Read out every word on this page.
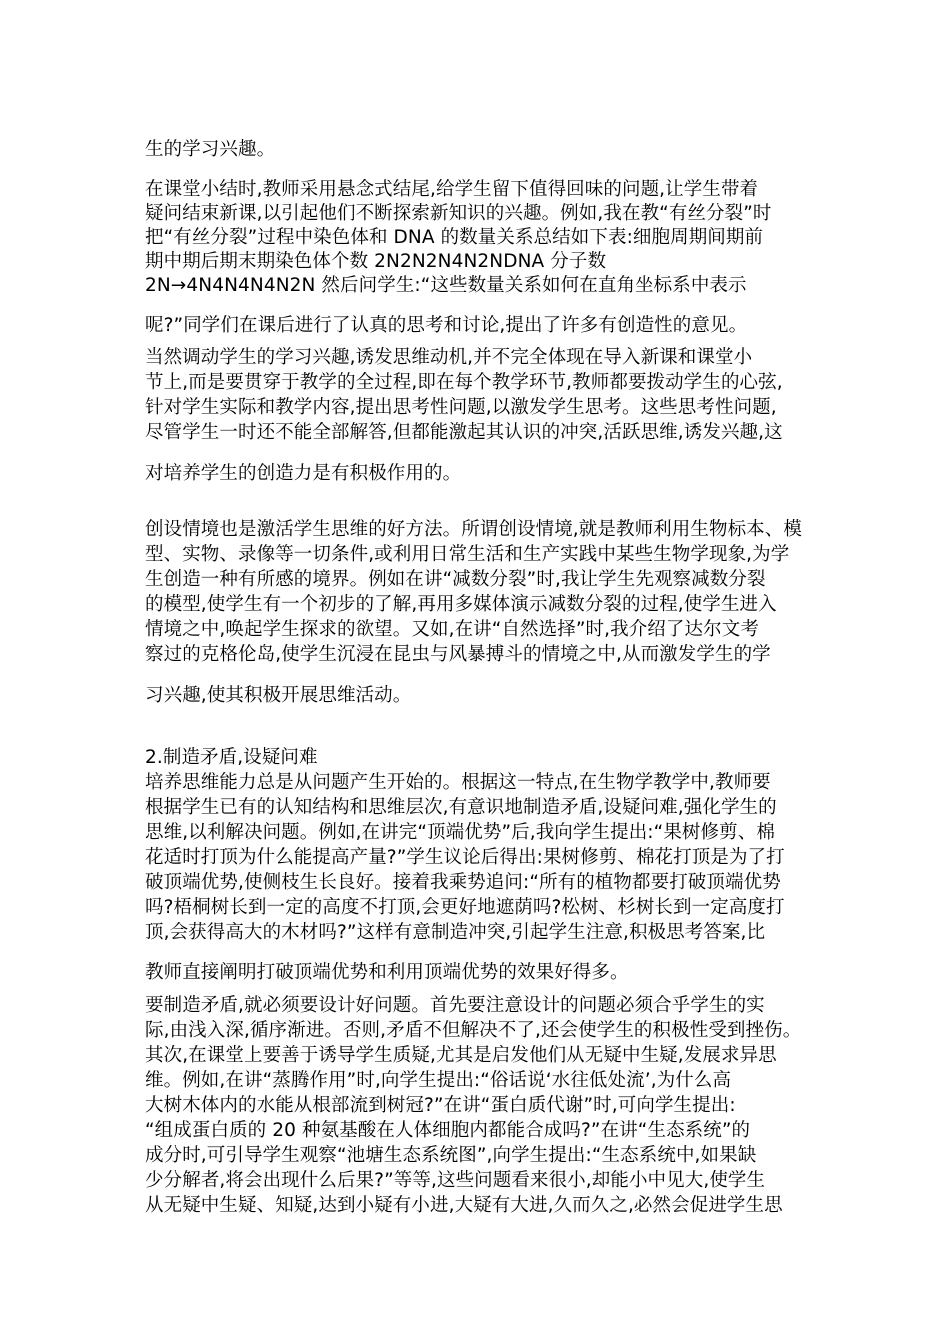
生的学习兴趣。

在课堂小结时,教师采用悬念式结尾,给学生留下值得回味的问题,让学生带着

疑问结束新课,以引起他们不断探索新知识的兴趣。例如,我在教“有丝分裂”时

把“有丝分裂”过程中染色体和 DNA 的数量关系总结如下表:细胞周期间期前

期中期后期末期染色体个数 2N2N2N4N2NDNA 分子数

2N→4N4N4N4N2N 然后问学生:“这些数量关系如何在直角坐标系中表示

呢?”同学们在课后进行了认真的思考和讨论,提出了许多有创造性的意见。

当然调动学生的学习兴趣,诱发思维动机,并不完全体现在导入新课和课堂小

节上,而是要贯穿于教学的全过程,即在每个教学环节,教师都要拨动学生的心弦,

针对学生实际和教学内容,提出思考性问题,以激发学生思考。这些思考性问题,

尽管学生一时还不能全部解答,但都能激起其认识的冲突,活跃思维,诱发兴趣,这

对培养学生的创造力是有积极作用的。

创设情境也是激活学生思维的好方法。所谓创设情境,就是教师利用生物标本、模

型、实物、录像等一切条件,或利用日常生活和生产实践中某些生物学现象,为学

生创造一种有所感的境界。例如在讲“减数分裂”时,我让学生先观察减数分裂

的模型,使学生有一个初步的了解,再用多媒体演示减数分裂的过程,使学生进入

情境之中,唤起学生探求的欲望。又如,在讲“自然选择”时,我介绍了达尔文考

察过的克格伦岛,使学生沉浸在昆虫与风暴搏斗的情境之中,从而激发学生的学

习兴趣,使其积极开展思维活动。

2.制造矛盾,设疑问难

培养思维能力总是从问题产生开始的。根据这一特点,在生物学教学中,教师要

根据学生已有的认知结构和思维层次,有意识地制造矛盾,设疑问难,强化学生的

思维,以利解决问题。例如,在讲完“顶端优势”后,我向学生提出:“果树修剪、棉

花适时打顶为什么能提高产量?”学生议论后得出:果树修剪、棉花打顶是为了打

破顶端优势,使侧枝生长良好。接着我乘势追问:“所有的植物都要打破顶端优势

吗?梧桐树长到一定的高度不打顶,会更好地遮荫吗?松树、杉树长到一定高度打

顶,会获得高大的木材吗?”这样有意制造冲突,引起学生注意,积极思考答案,比

教师直接阐明打破顶端优势和利用顶端优势的效果好得多。

要制造矛盾,就必须要设计好问题。首先要注意设计的问题必须合乎学生的实

际,由浅入深,循序渐进。否则,矛盾不但解决不了,还会使学生的积极性受到挫伤。

其次,在课堂上要善于诱导学生质疑,尤其是启发他们从无疑中生疑,发展求异思

维。例如,在讲“蒸腾作用”时,向学生提出:“俗话说‘水往低处流’,为什么高

大树木体内的水能从根部流到树冠?”在讲“蛋白质代谢”时,可向学生提出:

“组成蛋白质的 20 种氨基酸在人体细胞内都能合成吗?”在讲“生态系统”的

成分时,可引导学生观察“池塘生态系统图”,向学生提出:“生态系统中,如果缺

少分解者,将会出现什么后果?”等等,这些问题看来很小,却能小中见大,使学生

从无疑中生疑、知疑,达到小疑有小进,大疑有大进,久而久之,必然会促进学生思
